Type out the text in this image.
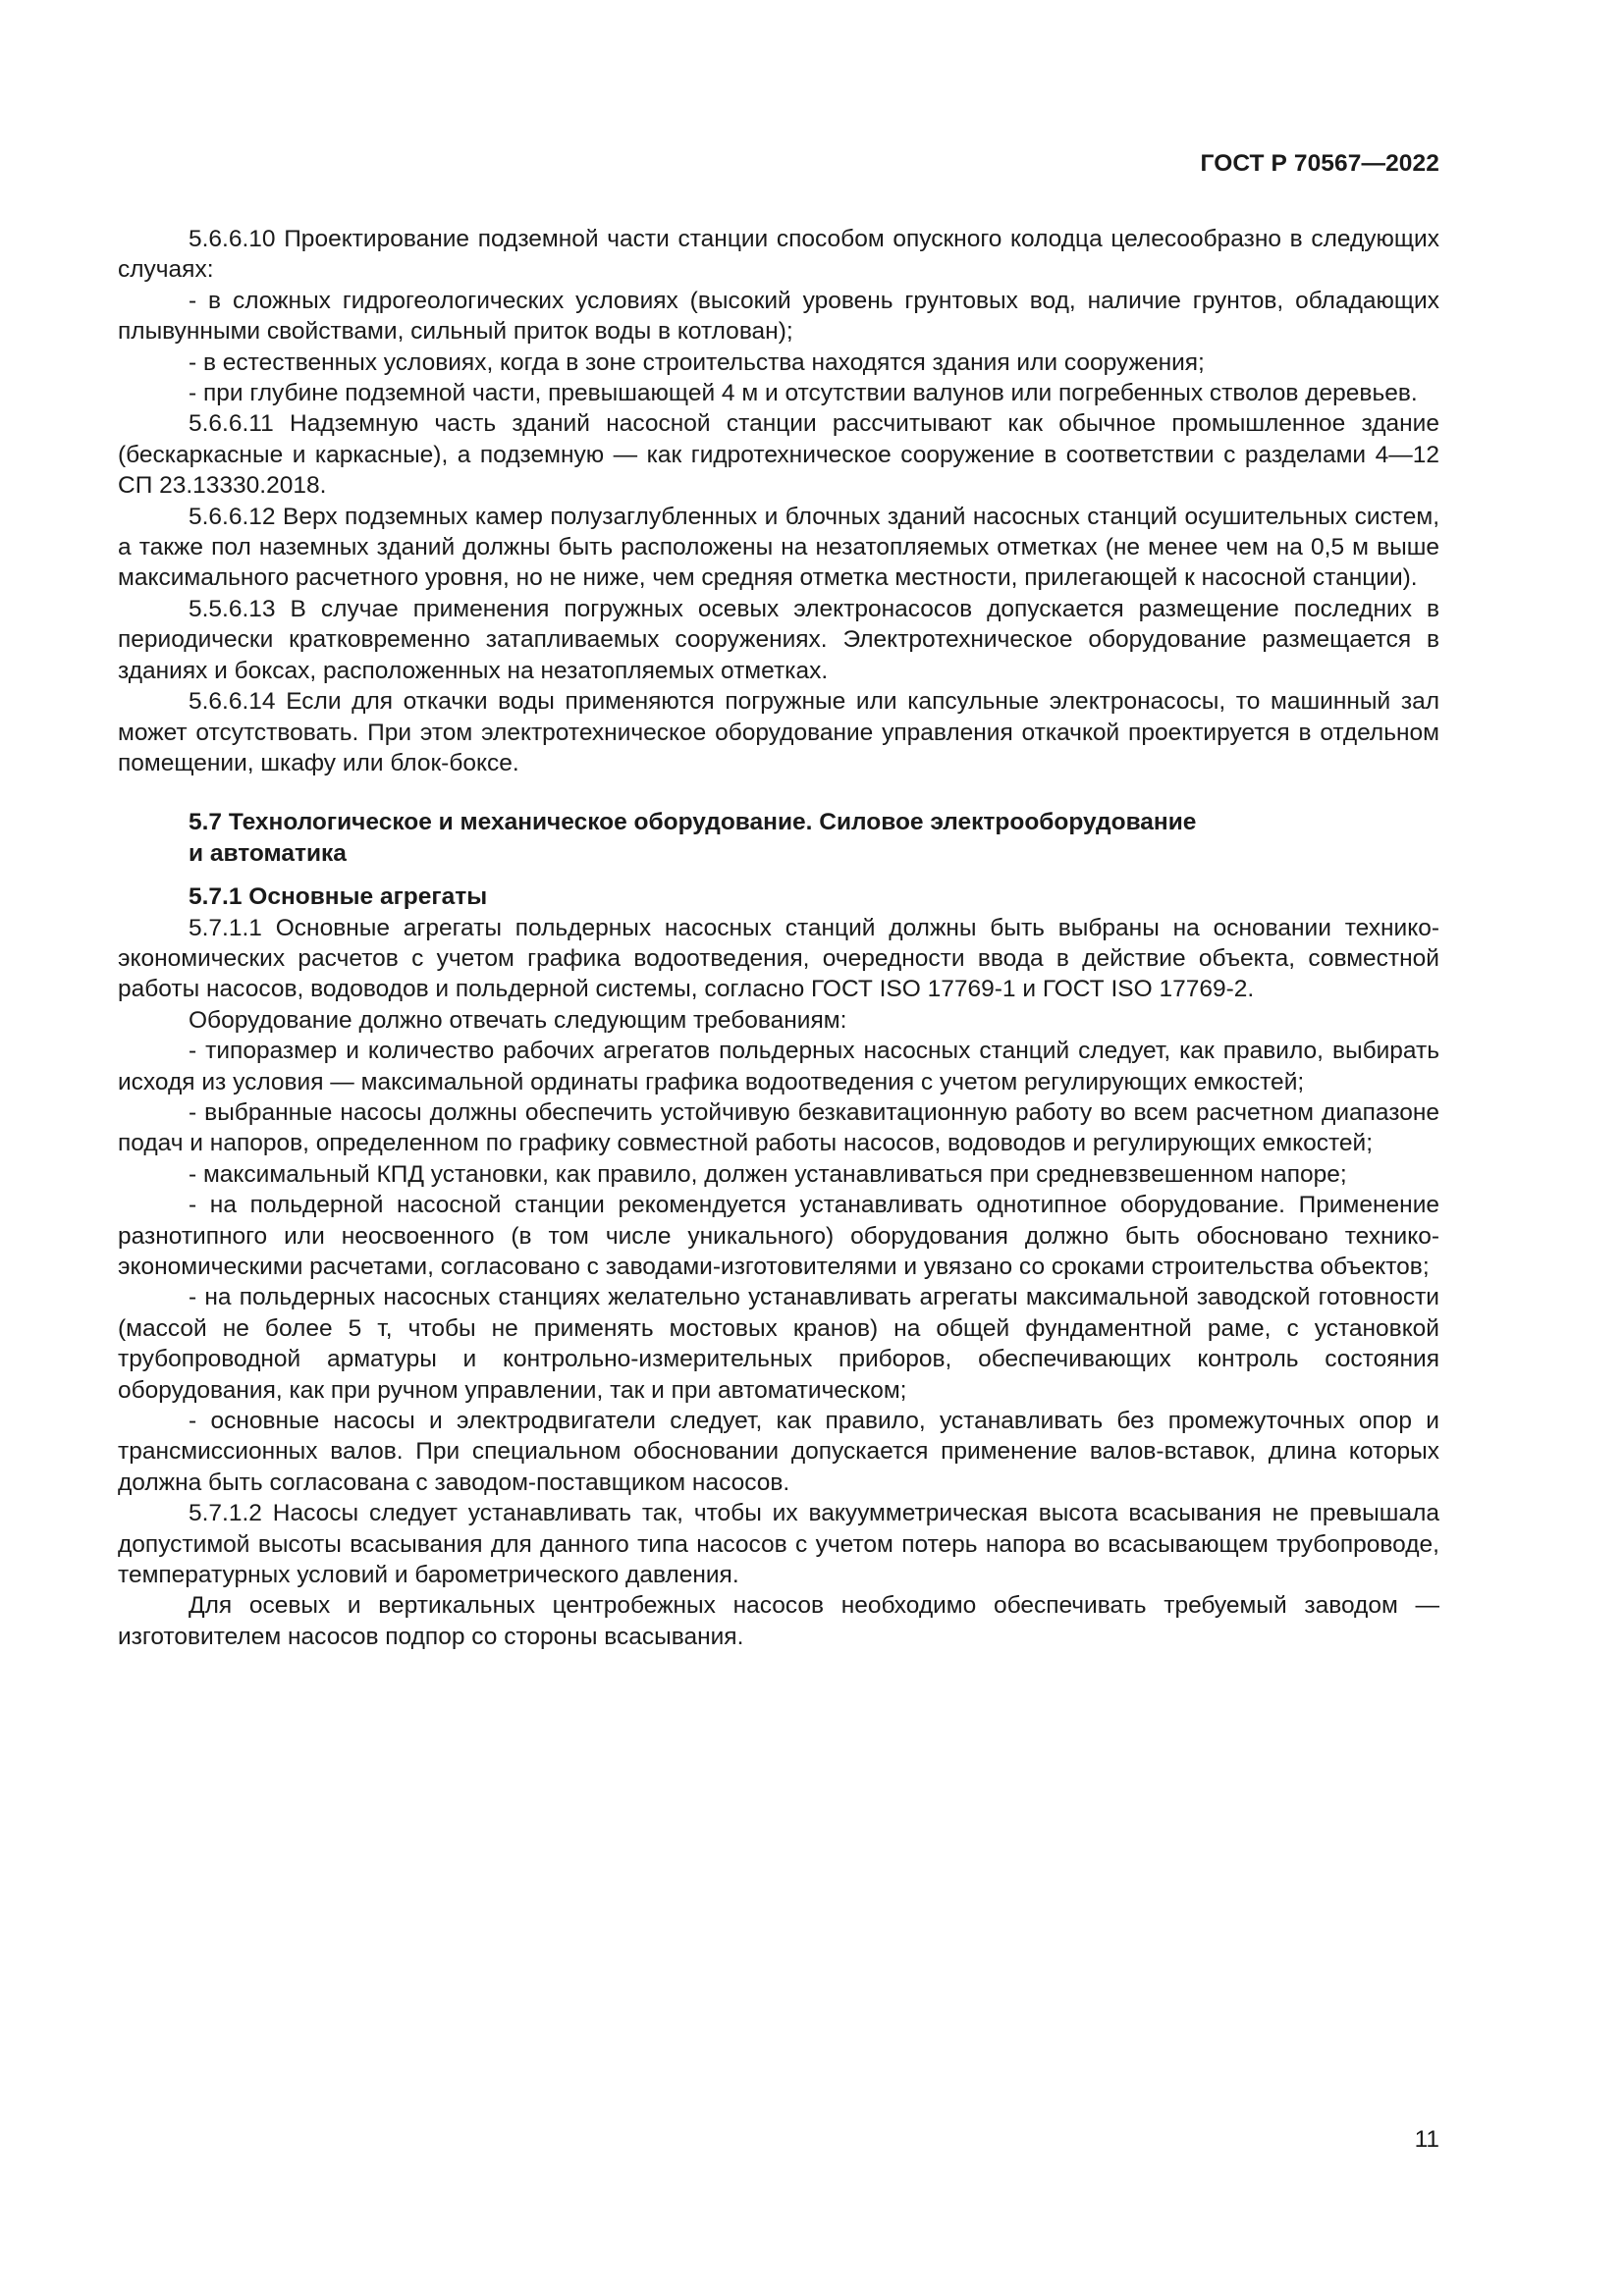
ГОСТ Р 70567—2022

5.6.6.10 Проектирование подземной части станции способом опускного колодца целесообразно в следующих случаях:

- в сложных гидрогеологических условиях (высокий уровень грунтовых вод, наличие грунтов, обладающих плывунными свойствами, сильный приток воды в котлован);

- в естественных условиях, когда в зоне строительства находятся здания или сооружения;

- при глубине подземной части, превышающей 4 м и отсутствии валунов или погребенных стволов деревьев.

5.6.6.11 Надземную часть зданий насосной станции рассчитывают как обычное промышленное здание (бескаркасные и каркасные), а подземную — как гидротехническое сооружение в соответствии с разделами 4—12 СП 23.13330.2018.

5.6.6.12 Верх подземных камер полузаглубленных и блочных зданий насосных станций осушительных систем, а также пол наземных зданий должны быть расположены на незатопляемых отметках (не менее чем на 0,5 м выше максимального расчетного уровня, но не ниже, чем средняя отметка местности, прилегающей к насосной станции).

5.5.6.13 В случае применения погружных осевых электронасосов допускается размещение последних в периодически кратковременно затапливаемых сооружениях. Электротехническое оборудование размещается в зданиях и боксах, расположенных на незатопляемых отметках.

5.6.6.14 Если для откачки воды применяются погружные или капсульные электронасосы, то машинный зал может отсутствовать. При этом электротехническое оборудование управления откачкой проектируется в отдельном помещении, шкафу или блок-боксе.

5.7 Технологическое и механическое оборудование. Силовое электрооборудование
и автоматика
5.7.1 Основные агрегаты

5.7.1.1 Основные агрегаты польдерных насосных станций должны быть выбраны на основании технико-экономических расчетов с учетом графика водоотведения, очередности ввода в действие объекта, совместной работы насосов, водоводов и польдерной системы, согласно ГОСТ ISO 17769-1 и ГОСТ ISO 17769-2.

Оборудование должно отвечать следующим требованиям:

- типоразмер и количество рабочих агрегатов польдерных насосных станций следует, как правило, выбирать исходя из условия — максимальной ординаты графика водоотведения с учетом регулирующих емкостей;

- выбранные насосы должны обеспечить устойчивую безкавитационную работу во всем расчетном диапазоне подач и напоров, определенном по графику совместной работы насосов, водоводов и регулирующих емкостей;

- максимальный КПД установки, как правило, должен устанавливаться при средневзвешенном напоре;

- на польдерной насосной станции рекомендуется устанавливать однотипное оборудование. Применение разнотипного или неосвоенного (в том числе уникального) оборудования должно быть обосновано технико-экономическими расчетами, согласовано с заводами-изготовителями и увязано со сроками строительства объектов;

- на польдерных насосных станциях желательно устанавливать агрегаты максимальной заводской готовности (массой не более 5 т, чтобы не применять мостовых кранов) на общей фундаментной раме, с установкой трубопроводной арматуры и контрольно-измерительных приборов, обеспечивающих контроль состояния оборудования, как при ручном управлении, так и при автоматическом;

- основные насосы и электродвигатели следует, как правило, устанавливать без промежуточных опор и трансмиссионных валов. При специальном обосновании допускается применение валов-вставок, длина которых должна быть согласована с заводом-поставщиком насосов.

5.7.1.2 Насосы следует устанавливать так, чтобы их вакуумметрическая высота всасывания не превышала допустимой высоты всасывания для данного типа насосов с учетом потерь напора во всасывающем трубопроводе, температурных условий и барометрического давления.

Для осевых и вертикальных центробежных насосов необходимо обеспечивать требуемый заводом — изготовителем насосов подпор со стороны всасывания.

11
